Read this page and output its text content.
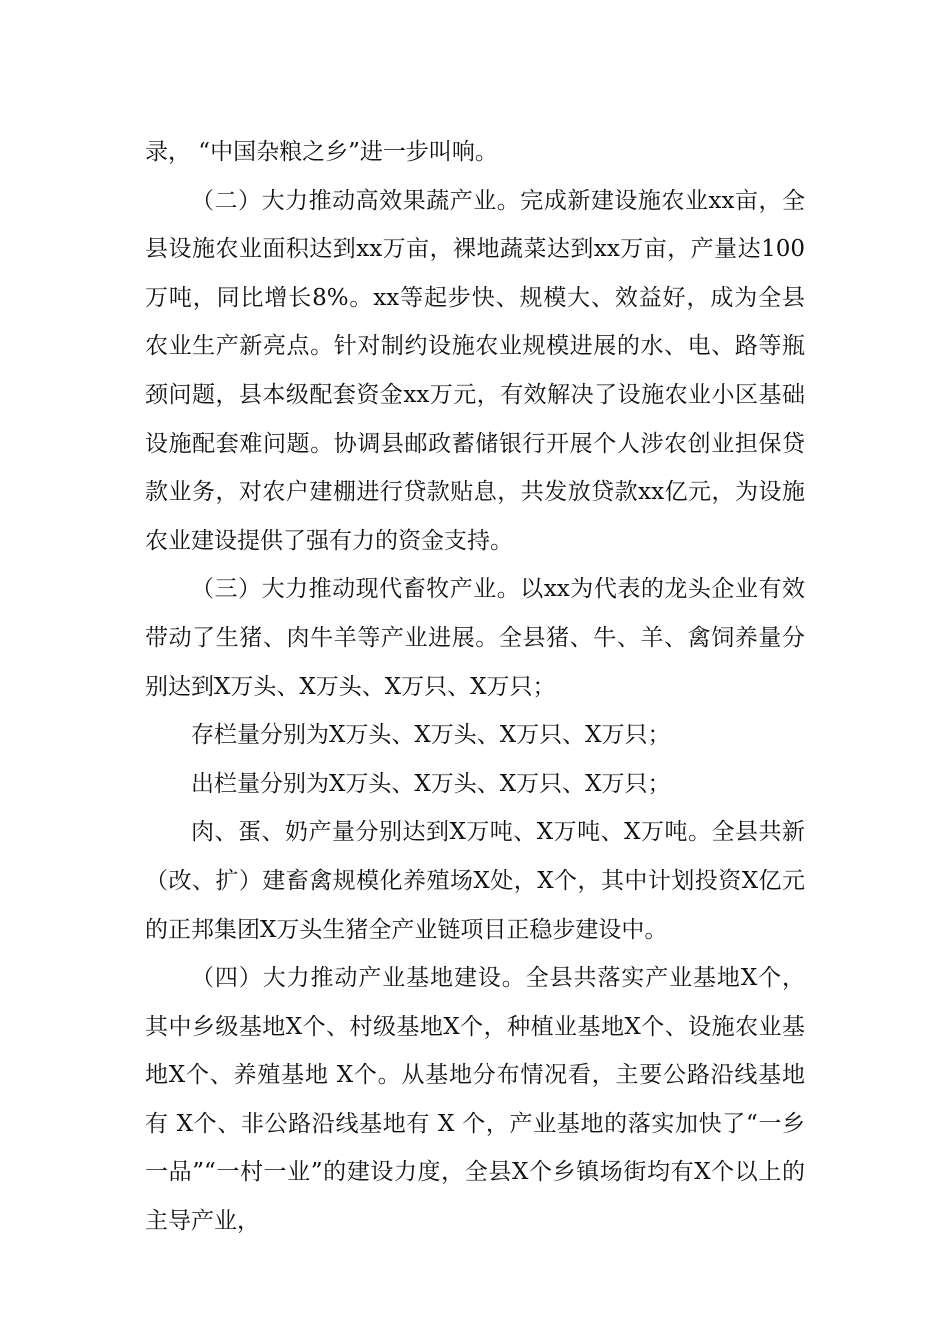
录， “中国杂粮之乡”进一步叫响。

（二）大力推动高效果蔬产业。完成新建设施农业xx亩，全县设施农业面积达到xx万亩，裸地蔬菜达到xx万亩，产量达100万吨，同比增长8%。xx等起步快、规模大、效益好，成为全县农业生产新亮点。针对制约设施农业规模进展的水、电、路等瓶颈问题，县本级配套资金xx万元，有效解决了设施农业小区基础设施配套难问题。协调县邮政蓄储银行开展个人涉农创业担保贷款业务，对农户建棚进行贷款贴息，共发放贷款xx亿元，为设施农业建设提供了强有力的资金支持。

（三）大力推动现代畜牧产业。以xx为代表的龙头企业有效带动了生猪、肉牛羊等产业进展。全县猪、牛、羊、禽饲养量分别达到X万头、X万头、X万只、X万只；

存栏量分别为X万头、X万头、X万只、X万只；

出栏量分别为X万头、X万头、X万只、X万只；

肉、蛋、奶产量分别达到X万吨、X万吨、X万吨。全县共新（改、扩）建畜禽规模化养殖场X处，X个，其中计划投资X亿元的正邦集团X万头生猪全产业链项目正稳步建设中。

（四）大力推动产业基地建设。全县共落实产业基地X个，其中乡级基地X个、村级基地X个，种植业基地X个、设施农业基地X个、养殖基地 X个。从基地分布情况看，主要公路沿线基地有 X个、非公路沿线基地有 X 个，产业基地的落实加快了“一乡一品”“一村一业”的建设力度，全县X个乡镇场街均有X个以上的主导产业，
